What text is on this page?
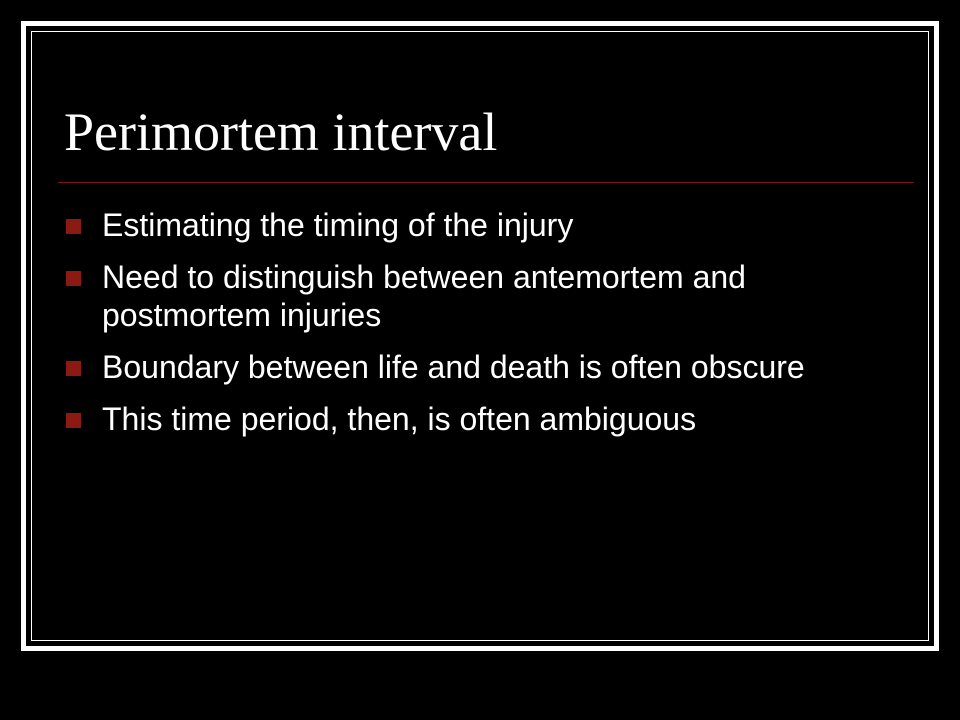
Perimortem interval
Estimating the timing of the injury
Need to distinguish between antemortem and postmortem injuries
Boundary between life and death is often obscure
This time period, then, is often ambiguous
